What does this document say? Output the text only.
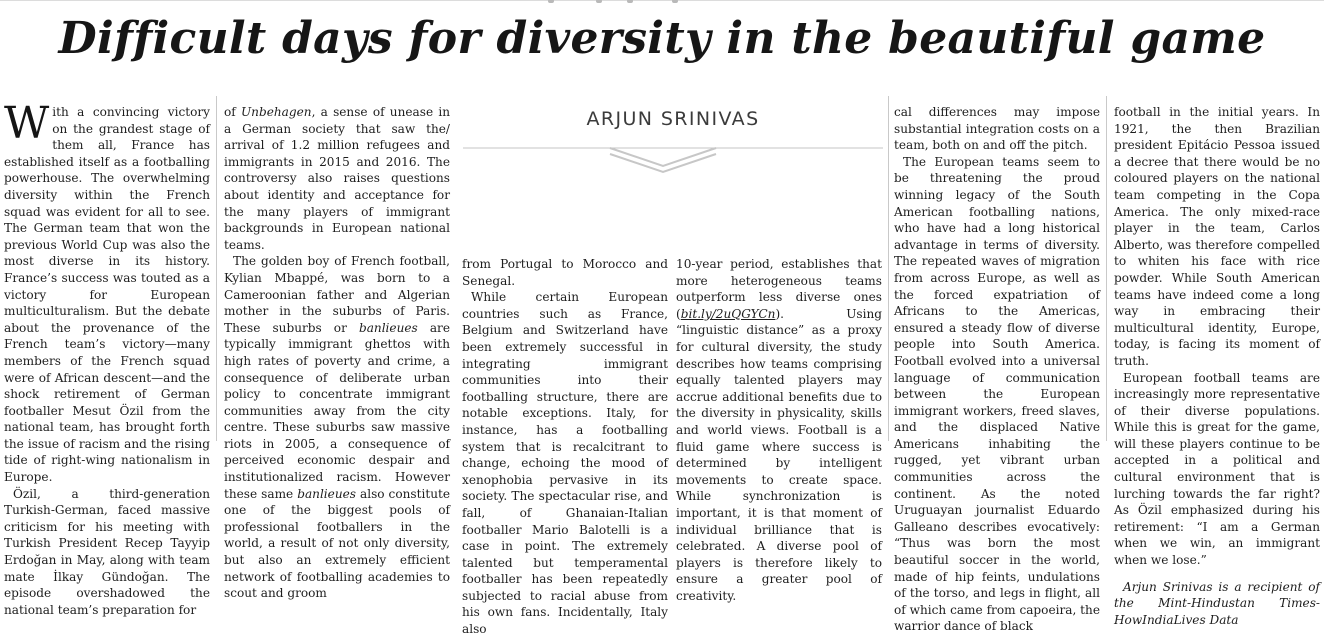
Difficult days for diversity in the beautiful game

With a convincing victory on the grandest stage of them all, France has established itself as a footballing powerhouse. The overwhelming diversity within the French squad was evident for all to see. The German team that won the previous World Cup was also the most diverse in its history. France’s success was touted as a victory for European multiculturalism. But the debate about the provenance of the French team’s victory—many members of the French squad were of African descent—and the shock retirement of German footballer Mesut Özil from the national team, has brought forth the issue of racism and the rising tide of right-wing nationalism in Europe.

Özil, a third-generation Turkish-German, faced massive criticism for his meeting with Turkish President Recep Tayyip Erdoğan in May, along with team mate İlkay Gündoğan. The episode overshadowed the national team’s preparation for

of Unbehagen, a sense of unease in a German society that saw the/ arrival of 1.2 million refugees and immigrants in 2015 and 2016. The controversy also raises questions about identity and acceptance for the many players of immigrant backgrounds in European national teams.

The golden boy of French football, Kylian Mbappé, was born to a Cameroonian father and Algerian mother in the suburbs of Paris. These suburbs or banlieues are typically immigrant ghettos with high rates of poverty and crime, a consequence of deliberate urban policy to concentrate immigrant communities away from the city centre. These suburbs saw massive riots in 2005, a consequence of perceived economic despair and institutionalized racism. However these same banlieues also constitute one of the biggest pools of professional footballers in the world, a result of not only diversity, but also an extremely efficient network of footballing academies to scout and groom

ARJUN SRINIVAS

from Portugal to Morocco and Senegal.

While certain European countries such as France, Belgium and Switzerland have been extremely successful in integrating immigrant communities into their footballing structure, there are notable exceptions. Italy, for instance, has a footballing system that is recalcitrant to change, echoing the mood of xenophobia pervasive in its society. The spectacular rise, and fall, of Ghanaian-Italian footballer Mario Balotelli is a case in point. The extremely talented but temperamental footballer has been repeatedly subjected to racial abuse from his own fans. Incidentally, Italy also

10-year period, establishes that more heterogeneous teams outperform less diverse ones (bit.ly/2uQGYCn). Using “linguistic distance” as a proxy for cultural diversity, the study describes how teams comprising equally talented players may accrue additional benefits due to the diversity in physicality, skills and world views. Football is a fluid game where success is determined by intelligent movements to create space. While synchronization is important, it is that moment of individual brilliance that is celebrated. A diverse pool of players is therefore likely to ensure a greater pool of creativity.

cal differences may impose substantial integration costs on a team, both on and off the pitch.

The European teams seem to be threatening the proud winning legacy of the South American footballing nations, who have had a long historical advantage in terms of diversity. The repeated waves of migration from across Europe, as well as the forced expatriation of Africans to the Americas, ensured a steady flow of diverse people into South America. Football evolved into a universal language of communication between the European immigrant workers, freed slaves, and the displaced Native Americans inhabiting the rugged, yet vibrant urban communities across the continent. As the noted Uruguayan journalist Eduardo Galleano describes evocatively: “Thus was born the most beautiful soccer in the world, made of hip feints, undulations of the torso, and legs in flight, all of which came from capoeira, the warrior dance of black

football in the initial years. In 1921, the then Brazilian president Epitácio Pessoa issued a decree that there would be no coloured players on the national team competing in the Copa America. The only mixed-race player in the team, Carlos Alberto, was therefore compelled to whiten his face with rice powder. While South American teams have indeed come a long way in embracing their multicultural identity, Europe, today, is facing its moment of truth.

European football teams are increasingly more representative of their diverse populations. While this is great for the game, will these players continue to be accepted in a political and cultural environment that is lurching towards the far right? As Özil emphasized during his retirement: “I am a German when we win, an immigrant when we lose.”

Arjun Srinivas is a recipient of the Mint-Hindustan Times-HowIndiaLives Data
